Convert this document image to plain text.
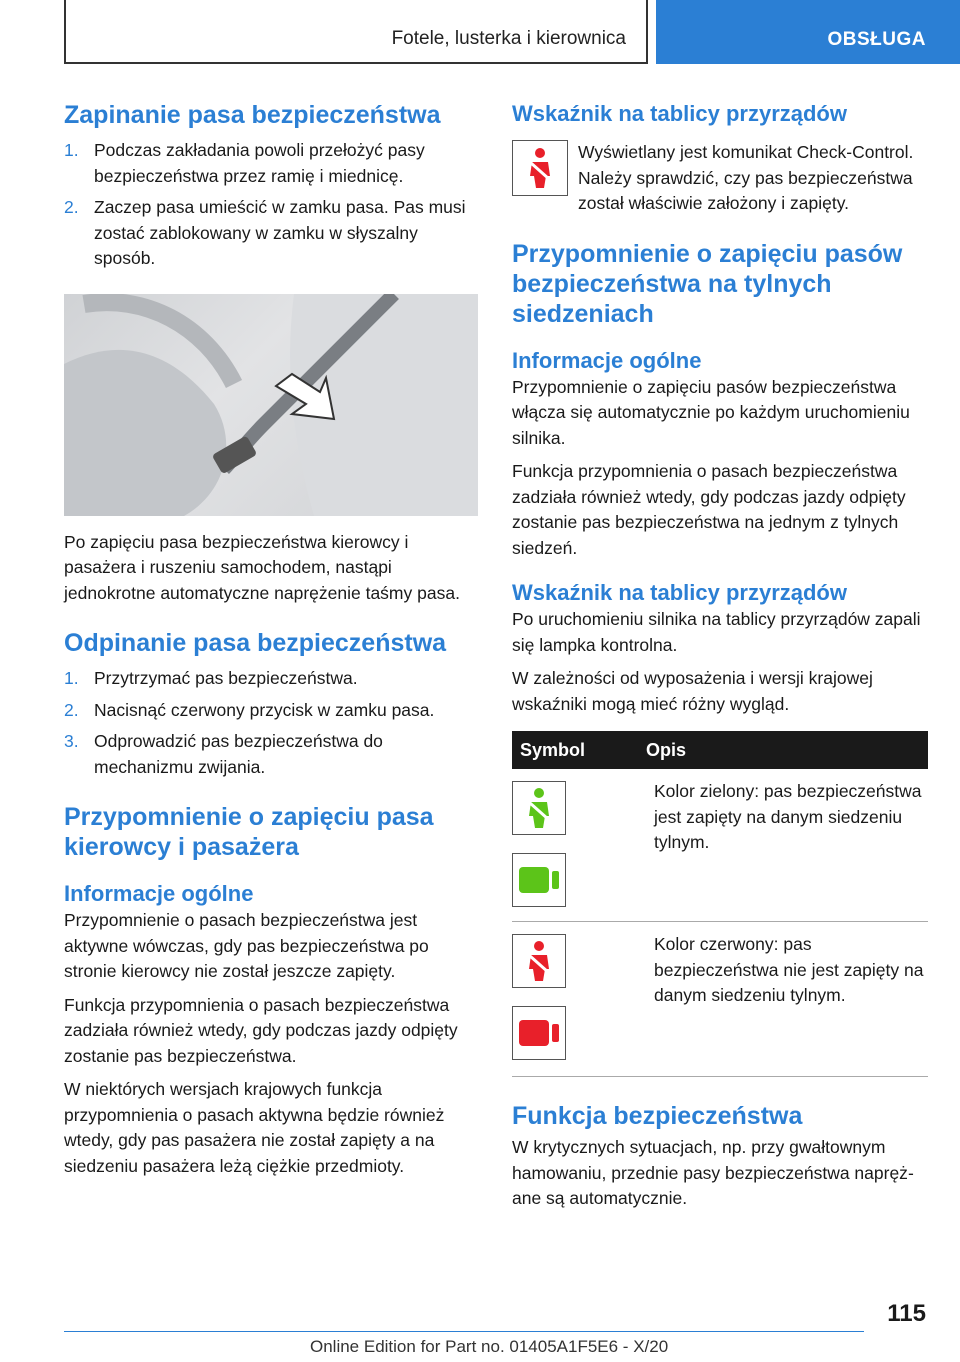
Fotele, lusterka i kierownica	OBSŁUGA
Zapinanie pasa bezpieczeństwa
1. Podczas zakładania powoli przełożyć pasy bezpieczeństwa przez ramię i miednicę.
2. Zaczep pasa umieścić w zamku pasa. Pas musi zostać zablokowany w zamku w słyszalny sposób.

Po zapięciu pasa bezpieczeństwa kierowcy i pasażera i ruszeniu samochodem, nastąpi jednokrotne automatyczne naprężenie taśmy pasa.

Odpinanie pasa bezpieczeństwa
1. Przytrzymać pas bezpieczeństwa.
2. Nacisnąć czerwony przycisk w zamku pasa.
3. Odprowadzić pas bezpieczeństwa do mechanizmu zwijania.
Przypomnienie o zapięciu pasa kierowcy i pasażera
Informacje ogólne

Przypomnienie o pasach bezpieczeństwa jest aktywne wówczas, gdy pas bezpieczeństwa po stronie kierowcy nie został jeszcze zapięty.

Funkcja przypomnienia o pasach bezpieczeństwa zadziała również wtedy, gdy podczas jazdy odpięty zostanie pas bezpieczeństwa.

W niektórych wersjach krajowych funkcja przypomnienia o pasach aktywna będzie również wtedy, gdy pas pasażera nie został zapięty a na siedzeniu pasażera leżą ciężkie przedmioty.

Wskaźnik na tablicy przyrządów

Wyświetlany jest komunikat Check-Control. Należy sprawdzić, czy pas bezpieczeństwa został właściwie założony i zapięty.

Przypomnienie o zapięciu pasów bezpieczeństwa na tylnych siedzeniach
Informacje ogólne

Przypomnienie o zapięciu pasów bezpieczeństwa włącza się automatycznie po każdym uruchomieniu silnika.

Funkcja przypomnienia o pasach bezpieczeństwa zadziała również wtedy, gdy podczas jazdy odpięty zostanie pas bezpieczeństwa na jednym z tylnych siedzeń.

Wskaźnik na tablicy przyrządów

Po uruchomieniu silnika na tablicy przyrządów zapali się lampka kontrolna.

W zależności od wyposażenia i wersji krajowej wskaźniki mogą mieć różny wygląd.

Symbol	Opis

	Kolor zielony: pas bezpieczeństwa jest zapięty na danym siedzeniu tylnym.

	Kolor czerwony: pas bezpieczeństwa nie jest zapięty na danym siedzeniu tylnym.
Funkcja bezpieczeństwa

W krytycznych sytuacjach, np. przy gwałtownym hamowaniu, przednie pasy bezpieczeństwa naprężane są automatycznie.

115
Online Edition for Part no. 01405A1F5E6 - X/20
